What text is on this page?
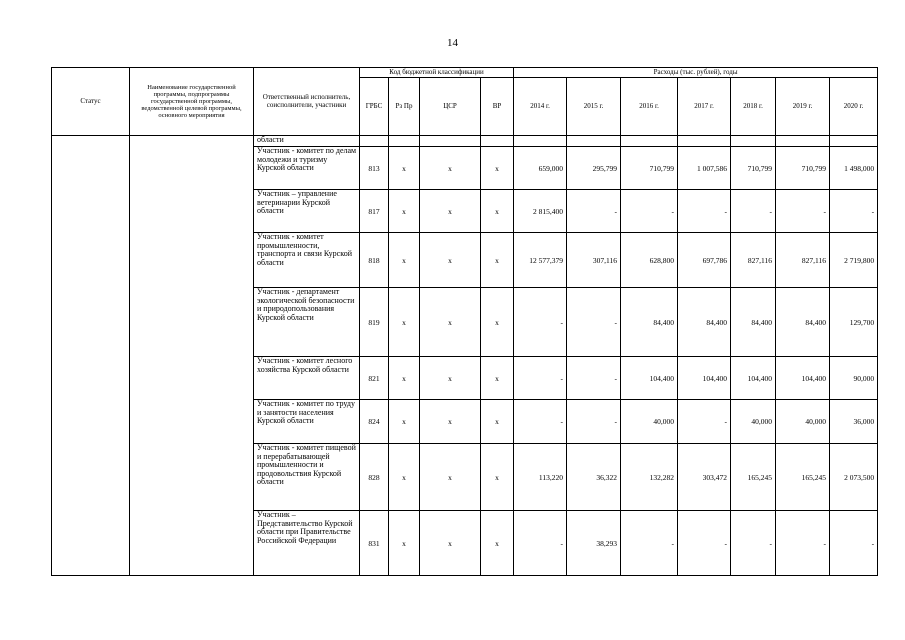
14
Статус	Наименование государственной программы, подпрограммы государственной программы, ведомственной целевой программы, основного мероприятия	Ответственный исполнитель, соисполнители, участники	Код бюджетной классификации				Расходы (тыс. рублей), годы						
			ГРБС	Рз Пр	ЦСР	ВР	2014 г.	2015 г.	2016 г.	2017 г.	2018 г.	2019 г.	2020 г.
		области											
		Участник - комитет по делам молодежи и туризму Курской области	813	х	х	х	659,000	295,799	710,799	1 007,586	710,799	710,799	1 498,000
		Участник – управление ветеринарии Курской области	817	х	х	х	2 815,400	-	-	-	-	-	-
		Участник - комитет промышленности, транспорта и связи Курской области	818	х	х	х	12 577,379	307,116	628,800	697,786	827,116	827,116	2 719,800
		Участник - департамент экологической безопасности и природопользования Курской области	819	х	х	х	-	-	84,400	84,400	84,400	84,400	129,700
		Участник - комитет лесного хозяйства Курской области	821	х	х	х	-	-	104,400	104,400	104,400	104,400	90,000
		Участник - комитет по труду и занятости населения Курской области	824	х	х	х	-	-	40,000	-	40,000	40,000	36,000
		Участник - комитет пищевой и перерабатывающей промышленности и продовольствия Курской области	828	х	х	х	113,220	36,322	132,282	303,472	165,245	165,245	2 073,500
		Участник – Представительство Курской области при Правительстве Российской Федерации	831	х	х	х	-	38,293	-	-	-	-	-
